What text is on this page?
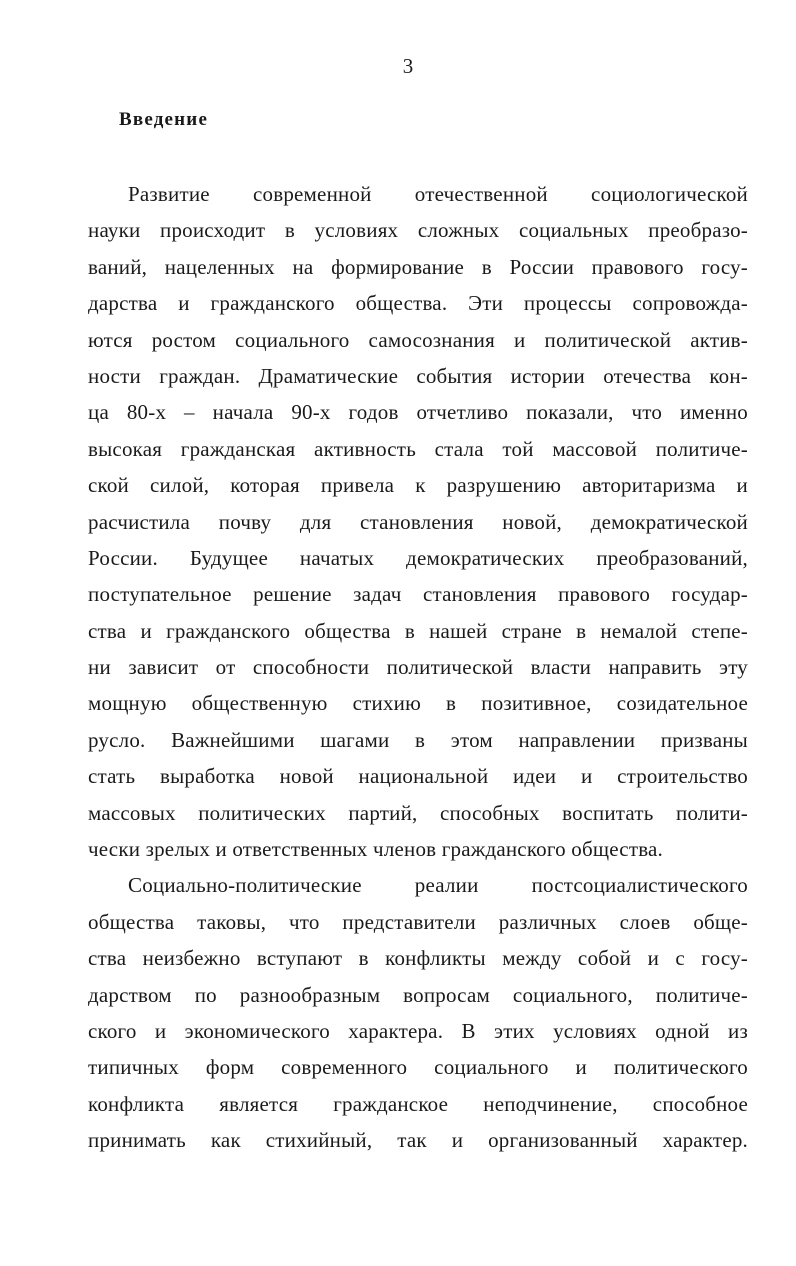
3
Введение
Развитие современной отечественной социологической
науки происходит в условиях сложных социальных преобразо-
ваний, нацеленных на формирование в России правового госу-
дарства и гражданского общества. Эти процессы сопровожда-
ются ростом социального самосознания и политической актив-
ности граждан. Драматические события истории отечества кон-
ца 80-х – начала 90-х годов отчетливо показали, что именно
высокая гражданская активность стала той массовой политиче-
ской силой, которая привела к разрушению авторитаризма и
расчистила почву для становления новой, демократической
России. Будущее начатых демократических преобразований,
поступательное решение задач становления правового государ-
ства и гражданского общества в нашей стране в немалой степе-
ни зависит от способности политической власти направить эту
мощную общественную стихию в позитивное, созидательное
русло. Важнейшими шагами в этом направлении призваны
стать выработка новой национальной идеи и строительство
массовых политических партий, способных воспитать полити-
чески зрелых и ответственных членов гражданского общества.
Социально-политические реалии постсоциалистического
общества таковы, что представители различных слоев обще-
ства неизбежно вступают в конфликты между собой и с госу-
дарством по разнообразным вопросам социального, политиче-
ского и экономического характера. В этих условиях одной из
типичных форм современного социального и политического
конфликта является гражданское неподчинение, способное
принимать как стихийный, так и организованный характер.
